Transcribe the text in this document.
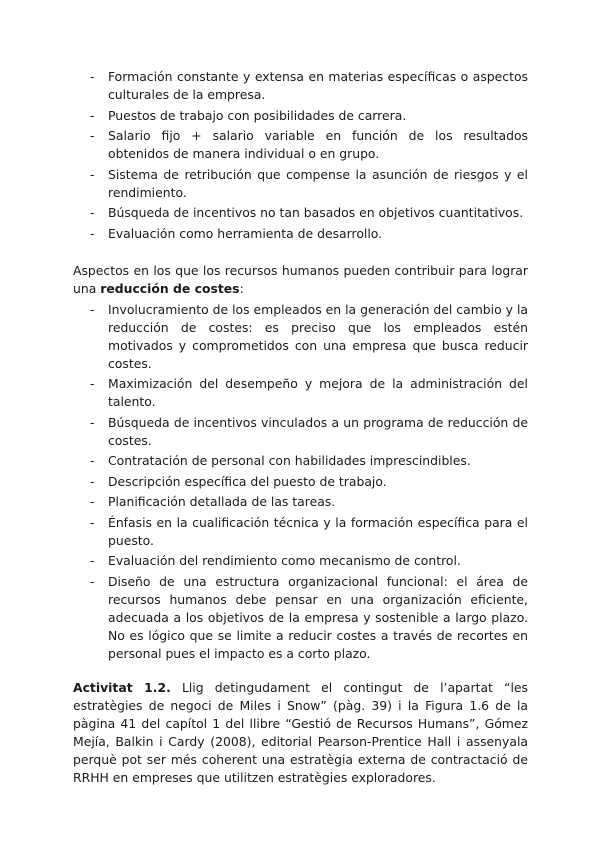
- Formación constante y extensa en materias específicas o aspectos culturales de la empresa.
- Puestos de trabajo con posibilidades de carrera.
- Salario fijo + salario variable en función de los resultados obtenidos de manera individual o en grupo.
- Sistema de retribución que compense la asunción de riesgos y el rendimiento.
- Búsqueda de incentivos no tan basados en objetivos cuantitativos.
- Evaluación como herramienta de desarrollo.

Aspectos en los que los recursos humanos pueden contribuir para lograr una reducción de costes:

- Involucramiento de los empleados en la generación del cambio y la reducción de costes: es preciso que los empleados estén motivados y comprometidos con una empresa que busca reducir costes.
- Maximización del desempeño y mejora de la administración del talento.
- Búsqueda de incentivos vinculados a un programa de reducción de costes.
- Contratación de personal con habilidades imprescindibles.
- Descripción específica del puesto de trabajo.
- Planificación detallada de las tareas.
- Énfasis en la cualificación técnica y la formación específica para el puesto.
- Evaluación del rendimiento como mecanismo de control.
- Diseño de una estructura organizacional funcional: el área de recursos humanos debe pensar en una organización eficiente, adecuada a los objetivos de la empresa y sostenible a largo plazo. No es lógico que se limite a reducir costes a través de recortes en personal pues el impacto es a corto plazo.

Activitat 1.2. Llig detingudament el contingut de l’apartat “les estratègies de negoci de Miles i Snow” (pàg. 39) i la Figura 1.6 de la pàgina 41 del capítol 1 del llibre “Gestió de Recursos Humans”, Gómez Mejía, Balkin i Cardy (2008), editorial Pearson-Prentice Hall i assenyala perquè pot ser més coherent una estratègia externa de contractació de RRHH en empreses que utilitzen estratègies exploradores.
